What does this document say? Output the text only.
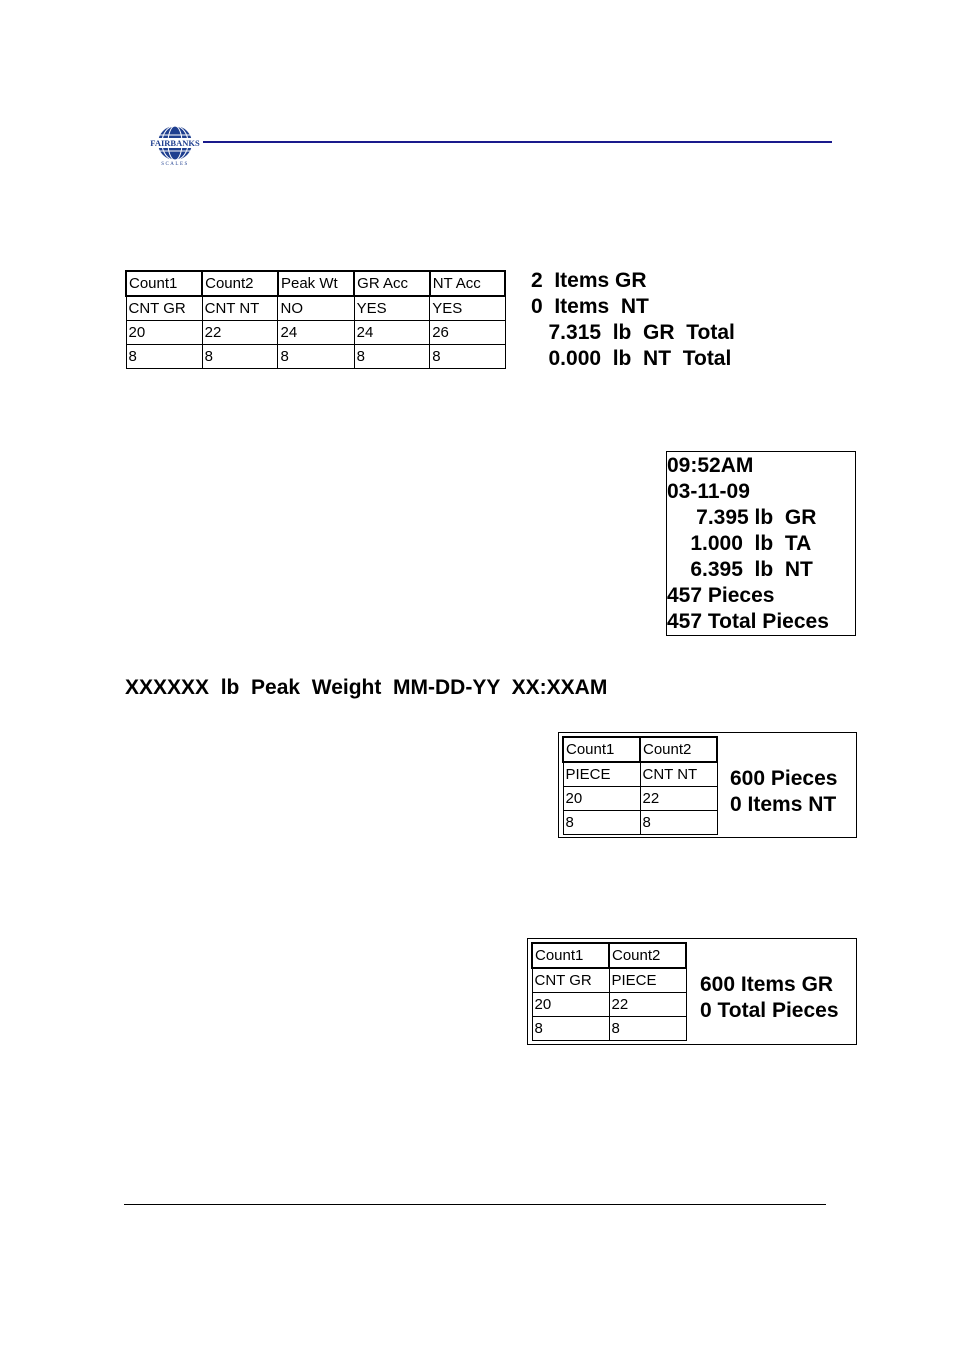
FAIRBANKS
SCALES
Count1	Count2	Peak Wt	GR Acc	NT Acc
CNT GR	CNT NT	NO	YES	YES
20	22	24	24	26
8	8	8	8	8
2  Items GR
0  Items  NT
7.315  lb  GR  Total
0.000  lb  NT  Total
09:52AM
03-11-09
7.395 lb  GR
1.000  lb  TA
6.395  lb  NT
457 Pieces
457 Total Pieces
XXXXXX  lb  Peak  Weight  MM-DD-YY  XX:XXAM
Count1	Count2
PIECE	CNT NT
20	22
8	8
600 Pieces
0 Items NT
Count1	Count2
CNT GR	PIECE
20	22
8	8
600 Items GR
0 Total Pieces
